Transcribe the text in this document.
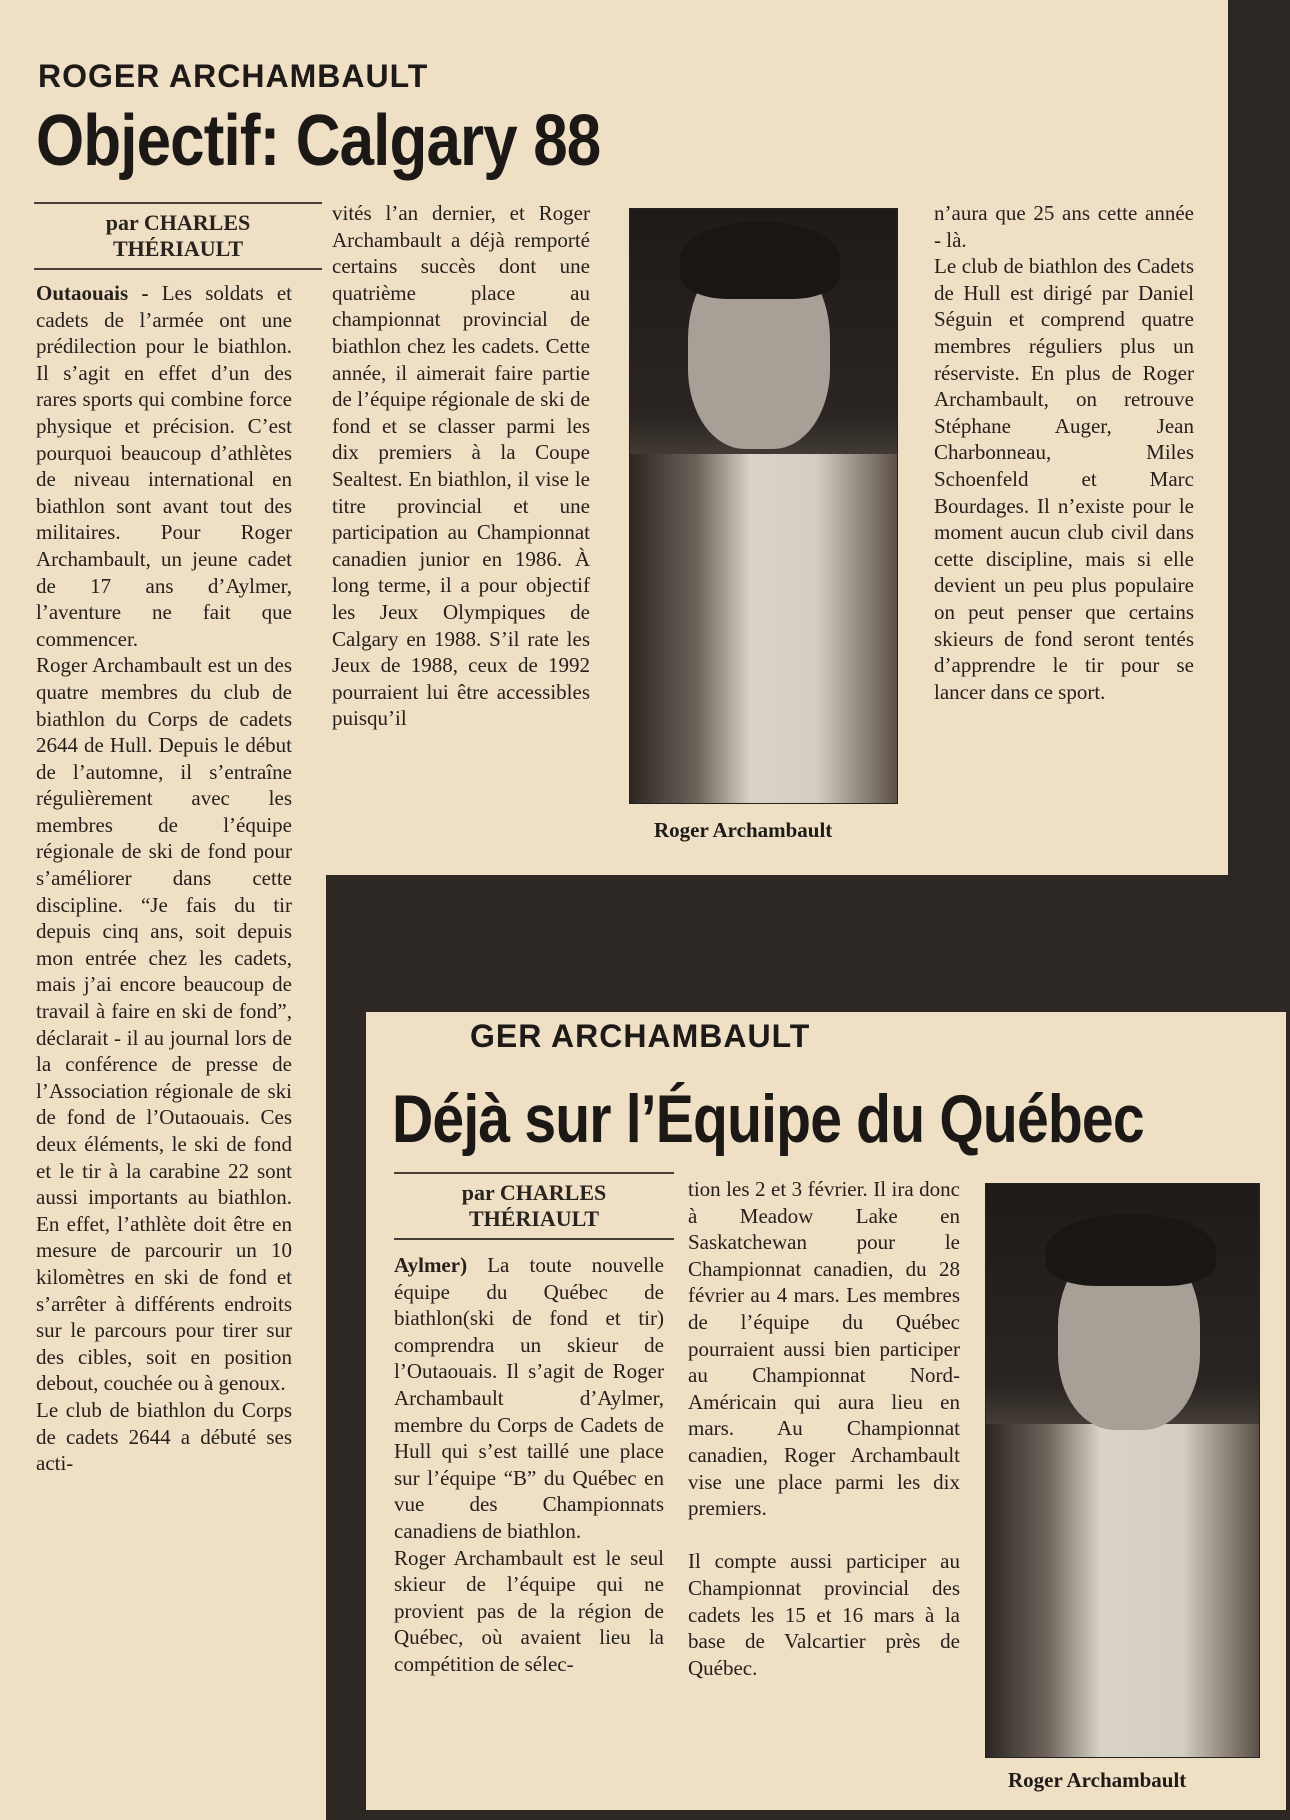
ROGER ARCHAMBAULT
Objectif: Calgary 88
par CHARLES
THÉRIAULT

Outaouais - Les soldats et cadets de l’armée ont une prédilection pour le biathlon. Il s’agit en effet d’un des rares sports qui combine force physique et précision. C’est pourquoi beaucoup d’athlètes de niveau international en biathlon sont avant tout des militaires. Pour Roger Archambault, un jeune cadet de 17 ans d’Aylmer, l’aventure ne fait que commencer.
Roger Archambault est un des quatre membres du club de biathlon du Corps de cadets 2644 de Hull. Depuis le début de l’automne, il s’entraîne régulièrement avec les membres de l’équipe régionale de ski de fond pour s’améliorer dans cette discipline. “Je fais du tir depuis cinq ans, soit depuis mon entrée chez les cadets, mais j’ai encore beaucoup de travail à faire en ski de fond”, déclarait - il au journal lors de la conférence de presse de l’Association régionale de ski de fond de l’Outaouais. Ces deux éléments, le ski de fond et le tir à la carabine 22 sont aussi importants au biathlon. En effet, l’athlète doit être en mesure de parcourir un 10 kilomètres en ski de fond et s’arrêter à différents endroits sur le parcours pour tirer sur des cibles, soit en position debout, couchée ou à genoux.
Le club de biathlon du Corps de cadets 2644 a débuté ses acti-

vités l’an dernier, et Roger Archambault a déjà remporté certains succès dont une quatrième place au championnat provincial de biathlon chez les cadets. Cette année, il aimerait faire partie de l’équipe régionale de ski de fond et se classer parmi les dix premiers à la Coupe Sealtest. En biathlon, il vise le titre provincial et une participation au Championnat canadien junior en 1986. À long terme, il a pour objectif les Jeux Olympiques de Calgary en 1988. S’il rate les Jeux de 1988, ceux de 1992 pourraient lui être accessibles puisqu’il

Roger Archambault

n’aura que 25 ans cette année - là.
Le club de biathlon des Cadets de Hull est dirigé par Daniel Séguin et comprend quatre membres réguliers plus un réserviste. En plus de Roger Archambault, on retrouve Stéphane Auger, Jean Charbonneau, Miles Schoenfeld et Marc Bourdages. Il n’existe pour le moment aucun club civil dans cette discipline, mais si elle devient un peu plus populaire on peut penser que certains skieurs de fond seront tentés d’apprendre le tir pour se lancer dans ce sport.

GER ARCHAMBAULT
Déjà sur l’Équipe du Québec
par CHARLES
THÉRIAULT

Aylmer) La toute nouvelle équipe du Québec de biathlon(ski de fond et tir) comprendra un skieur de l’Outaouais. Il s’agit de Roger Archambault d’Aylmer, membre du Corps de Cadets de Hull qui s’est taillé une place sur l’équipe “B” du Québec en vue des Championnats canadiens de biathlon.
Roger Archambault est le seul skieur de l’équipe qui ne provient pas de la région de Québec, où avaient lieu la compétition de sélec-

tion les 2 et 3 février. Il ira donc à Meadow Lake en Saskatchewan pour le Championnat canadien, du 28 février au 4 mars. Les membres de l’équipe du Québec pourraient aussi bien participer au Championnat Nord-Américain qui aura lieu en mars. Au Championnat canadien, Roger Archambault vise une place parmi les dix premiers.

Il compte aussi participer au Championnat provincial des cadets les 15 et 16 mars à la base de Valcartier près de Québec.

Roger Archambault
